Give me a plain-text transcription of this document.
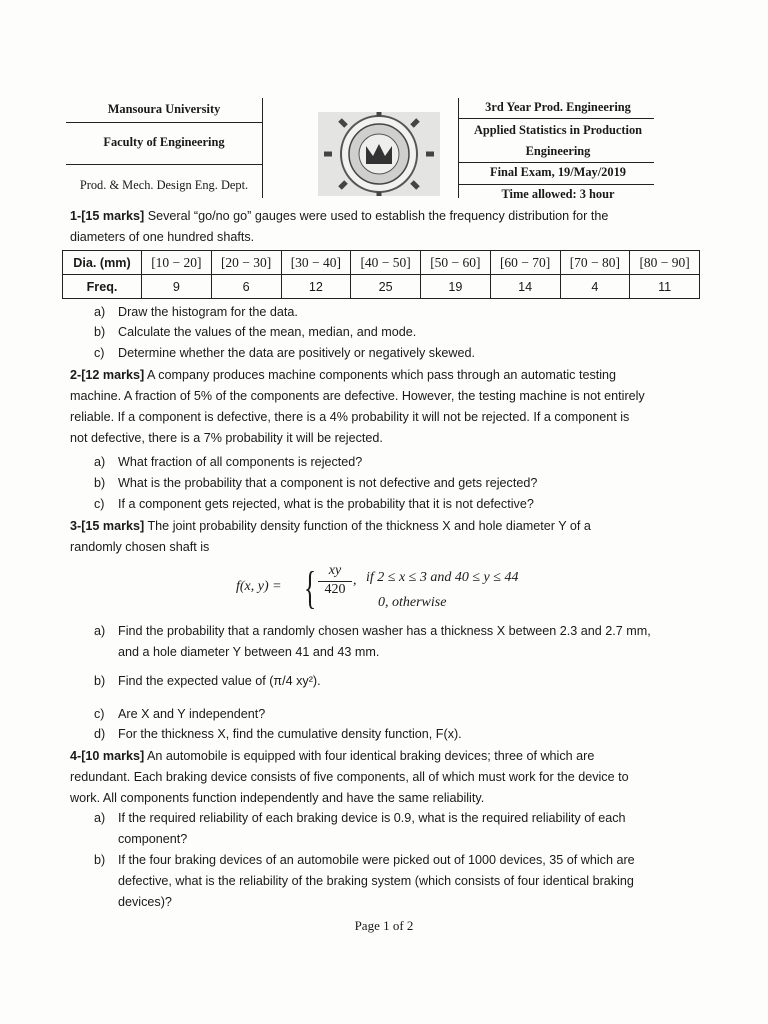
Mansoura University
Faculty of Engineering
Prod. & Mech. Design Eng. Dept.
3rd Year Prod. Engineering
Applied Statistics in Production
Engineering
Final Exam, 19/May/2019
Time allowed: 3 hour
1-[15 marks] Several “go/no go” gauges were used to establish the frequency distribution for the
diameters of one hundred shafts.
Dia. (mm)	[10 − 20]	[20 − 30]	[30 − 40]	[40 − 50]	[50 − 60]	[60 − 70]	[70 − 80]	[80 − 90]
Freq.	9	6	12	25	19	14	4	11
a)	Draw the histogram for the data.
b)	Calculate the values of the mean, median, and mode.
c)	Determine whether the data are positively or negatively skewed.
2-[12 marks] A company produces machine components which pass through an automatic testing
machine. A fraction of 5% of the components are defective. However, the testing machine is not entirely
reliable. If a component is defective, there is a 4% probability it will not be rejected. If a component is
not defective, there is a 7% probability it will be rejected.
a)	What fraction of all components is rejected?
b)	What is the probability that a component is not defective and gets rejected?
c)	If a component gets rejected, what is the probability that it is not defective?
3-[15 marks] The joint probability density function of the thickness X and hole diameter Y of a
randomly chosen shaft is
f(x, y) = { xy
420
, if 2 ≤ x ≤ 3 and 40 ≤ y ≤ 44
0, otherwise
a)	Find the probability that a randomly chosen washer has a thickness X between 2.3 and 2.7 mm,
and a hole diameter Y between 41 and 43 mm.
b)	Find the expected value of (π/4 xy²).
c)	Are X and Y independent?
d)	For the thickness X, find the cumulative density function, F(x).
4-[10 marks] An automobile is equipped with four identical braking devices; three of which are
redundant. Each braking device consists of five components, all of which must work for the device to
work. All components function independently and have the same reliability.
a)	If the required reliability of each braking device is 0.9, what is the required reliability of each
component?
b)	If the four braking devices of an automobile were picked out of 1000 devices, 35 of which are
defective, what is the reliability of the braking system (which consists of four identical braking
devices)?
Page 1 of 2
